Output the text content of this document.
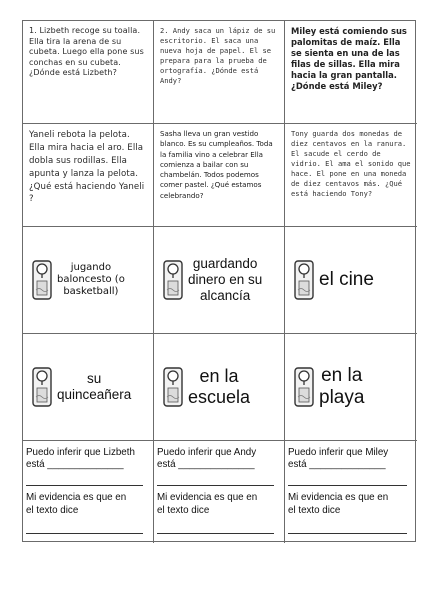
1. Lizbeth recoge su toalla. Ella tira la arena de su cubeta. Luego ella pone sus conchas en su cubeta. ¿Dónde está Lizbeth?
2. Andy saca un lápiz de su escritorio. El saca una nueva hoja de papel. El se prepara para la prueba de ortografía. ¿Dónde está Andy?
Miley está comiendo sus palomitas de maíz. Ella se sienta en una de las filas de sillas. Ella mira hacia la gran pantalla. ¿Dónde está Miley?
Yaneli rebota la pelota. Ella mira hacia el aro. Ella dobla sus rodillas. Ella apunta y lanza la pelota. ¿Qué está haciendo Yaneli ?
Sasha lleva un gran vestido blanco. Es su cumpleaños. Toda la familia vino a celebrar Ella comienza a bailar con su chambelán. Todos podemos comer pastel. ¿Qué estamos celebrando?
Tony guarda dos monedas de diez centavos en la ranura. El sacude el cerdo de vidrio. El ama el sonido que hace. El pone en una moneda de diez centavos más. ¿Qué está haciendo Tony?
jugando
baloncesto (o
basketball)
guardando
dinero en su
alcancía
el cine
su
quinceañera
en la
escuela
en la
playa
Puedo inferir que Lizbeth
está ______________
Mi evidencia es que en
el texto dice
Puedo inferir que Andy
está ______________
Mi evidencia es que en
el texto dice
Puedo inferir que Miley
está ______________
Mi evidencia es que en
el texto dice
